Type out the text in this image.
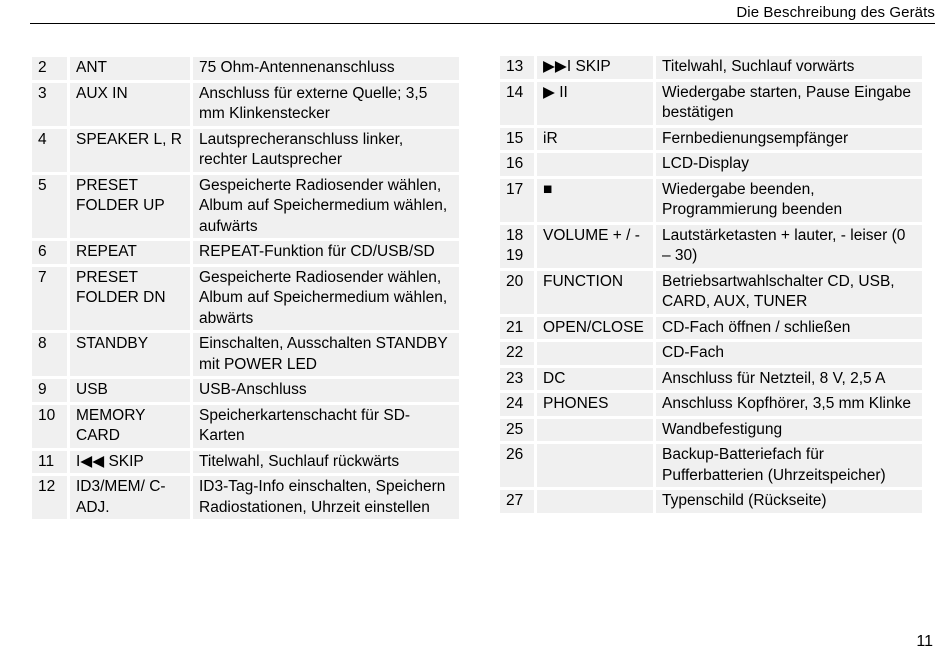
Die Beschreibung des Geräts
2	ANT	75 Ohm-Antennenanschluss
3	AUX IN	Anschluss für externe Quelle; 3,5 mm Klinkenstecker
4	SPEAKER L, R	Lautsprecheranschluss linker, rechter Lautsprecher
5	PRESET FOLDER UP	Gespeicherte Radiosender wählen, Album auf Speichermedium wählen, aufwärts
6	REPEAT	REPEAT-Funktion für CD/USB/SD
7	PRESET FOLDER DN	Gespeicherte Radiosender wählen, Album auf Speichermedium wählen, abwärts
8	STANDBY	Einschalten, Ausschalten STANDBY mit POWER LED
9	USB	USB-Anschluss
10	MEMORY CARD	Speicherkartenschacht für SD-Karten
11	I◀◀ SKIP	Titelwahl, Suchlauf rückwärts
12	ID3/MEM/ C-ADJ.	ID3-Tag-Info einschalten, Speichern Radiostationen, Uhrzeit einstellen
13	▶▶I SKIP	Titelwahl, Suchlauf vorwärts
14	▶ II	Wiedergabe starten, Pause Eingabe bestätigen
15	iR	Fernbedienungsempfänger
16		LCD-Display
17	■	Wiedergabe beenden, Programmierung beenden
18 19	VOLUME + / -	Lautstärketasten + lauter, - leiser (0 – 30)
20	FUNCTION	Betriebsartwahlschalter CD, USB, CARD, AUX, TUNER
21	OPEN/CLOSE	CD-Fach öffnen / schließen
22		CD-Fach
23	DC	Anschluss für Netzteil, 8 V, 2,5 A
24	PHONES	Anschluss Kopfhörer, 3,5 mm Klinke
25		Wandbefestigung
26		Backup-Batteriefach für Pufferbatterien (Uhrzeitspeicher)
27		Typenschild (Rückseite)
11
